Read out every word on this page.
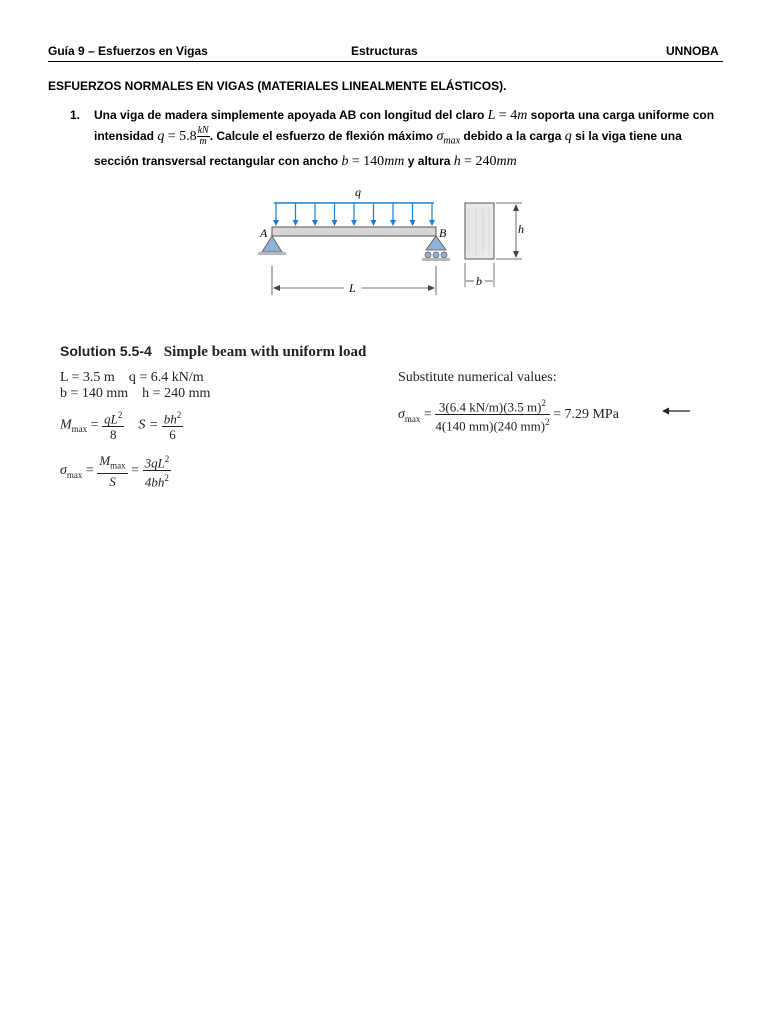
Guía 9 – Esfuerzos en Vigas	Estructuras	UNNOBA
ESFUERZOS NORMALES EN VIGAS (MATERIALES LINEALMENTE ELÁSTICOS).
1. Una viga de madera simplemente apoyada AB con longitud del claro L = 4m soporta una carga uniforme con intensidad $q = 5.8 \frac{kN}{m}$ . Calcule el esfuerzo de flexión máximo $\sigma_{max}$ debido a la carga q si la viga tiene una sección transversal rectangular con ancho b = 140mm y altura h = 240mm
q
A	B
L
h
b
Solution 5.5-4 Simple beam with uniform load
L = 3.5 m    q = 6.4 kN/m
b = 140 mm    h = 240 mm
$M_{max} = \frac{qL^2}{8}$ $S = \frac{bh^2}{6}$
$\sigma_{max}$ =
$M_{max}$
S
= $\frac{3qL^2}{4bh^2}$
Substitute numerical values:
$\sigma_{max} = \frac{3(6.4 kN/m)(3.5 m)^2}{4(140 mm)(240 mm)^2} = 7.29$ MPa
